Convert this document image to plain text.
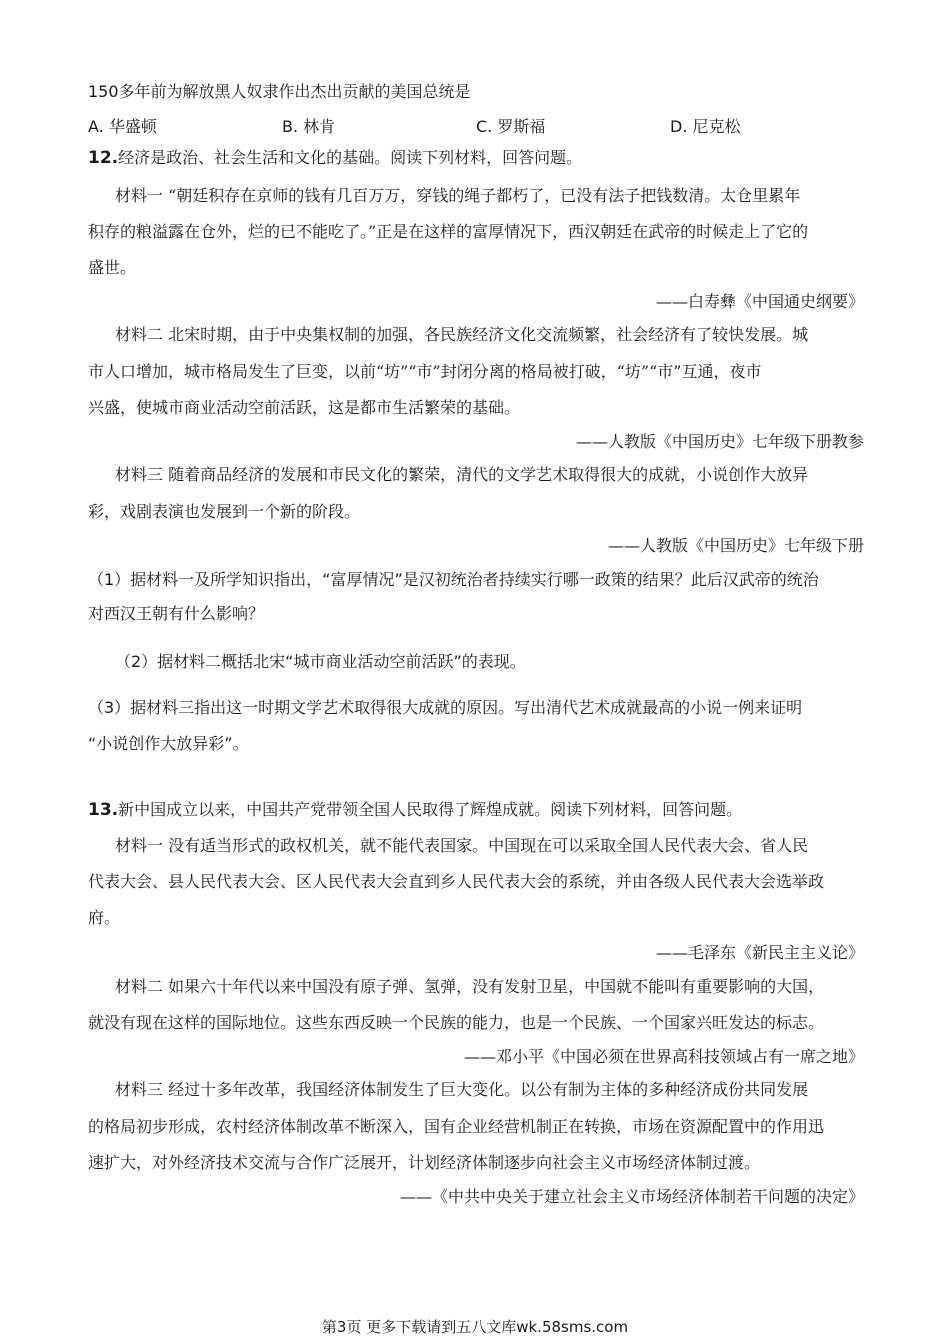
150多年前为解放黑人奴隶作出杰出贡献的美国总统是
A. 华盛顿	B. 林肯	C. 罗斯福	D. 尼克松
12.经济是政治、社会生活和文化的基础。阅读下列材料，回答问题。
材料一 “朝廷积存在京师的钱有几百万万，穿钱的绳子都朽了，已没有法子把钱数清。太仓里累年
积存的粮溢露在仓外，烂的已不能吃了。”正是在这样的富厚情况下，西汉朝廷在武帝的时候走上了它的
盛世。
——白寿彝《中国通史纲要》
材料二 北宋时期，由于中央集权制的加强，各民族经济文化交流频繁，社会经济有了较快发展。城
市人口增加，城市格局发生了巨变，以前“坊”“市”封闭分离的格局被打破，“坊”“市”互通，夜市
兴盛，使城市商业活动空前活跃，这是都市生活繁荣的基础。
——人教版《中国历史》七年级下册教参
材料三 随着商品经济的发展和市民文化的繁荣，清代的文学艺术取得很大的成就，小说创作大放异
彩，戏剧表演也发展到一个新的阶段。
——人教版《中国历史》七年级下册
（1）据材料一及所学知识指出，“富厚情况”是汉初统治者持续实行哪一政策的结果？此后汉武帝的统治
对西汉王朝有什么影响？
（2）据材料二概括北宋“城市商业活动空前活跃”的表现。
（3）据材料三指出这一时期文学艺术取得很大成就的原因。写出清代艺术成就最高的小说一例来证明
“小说创作大放异彩”。
13.新中国成立以来，中国共产党带领全国人民取得了辉煌成就。阅读下列材料，回答问题。
材料一 没有适当形式的政权机关，就不能代表国家。中国现在可以采取全国人民代表大会、省人民
代表大会、县人民代表大会、区人民代表大会直到乡人民代表大会的系统，并由各级人民代表大会选举政
府。
——毛泽东《新民主主义论》
材料二 如果六十年代以来中国没有原子弹、氢弹，没有发射卫星，中国就不能叫有重要影响的大国，
就没有现在这样的国际地位。这些东西反映一个民族的能力，也是一个民族、一个国家兴旺发达的标志。
——邓小平《中国必须在世界高科技领域占有一席之地》
材料三 经过十多年改革，我国经济体制发生了巨大变化。以公有制为主体的多种经济成份共同发展
的格局初步形成，农村经济体制改革不断深入，国有企业经营机制正在转换，市场在资源配置中的作用迅
速扩大，对外经济技术交流与合作广泛展开，计划经济体制逐步向社会主义市场经济体制过渡。
——《中共中央关于建立社会主义市场经济体制若干问题的决定》
第3页 更多下载请到五八文库wk.58sms.com
